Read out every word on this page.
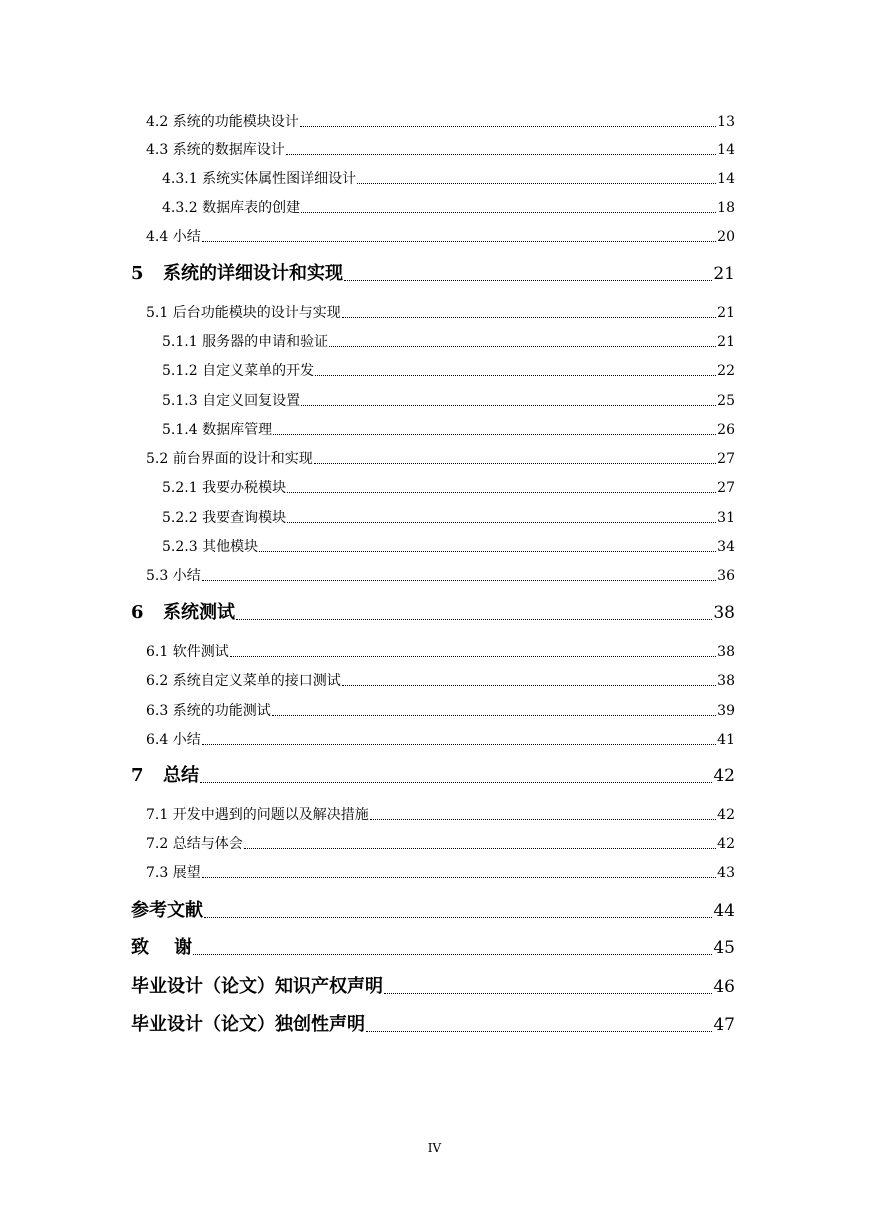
4.2 系统的功能模块设计	13
4.3 系统的数据库设计	14
4.3.1 系统实体属性图详细设计	14
4.3.2 数据库表的创建	18
4.4 小结	20
5 系统的详细设计和实现	21
5.1 后台功能模块的设计与实现	21
5.1.1 服务器的申请和验证	21
5.1.2 自定义菜单的开发	22
5.1.3 自定义回复设置	25
5.1.4 数据库管理	26
5.2 前台界面的设计和实现	27
5.2.1 我要办税模块	27
5.2.2 我要查询模块	31
5.2.3 其他模块	34
5.3 小结	36
6 系统测试	38
6.1 软件测试	38
6.2 系统自定义菜单的接口测试	38
6.3 系统的功能测试	39
6.4 小结	41
7 总结	42
7.1 开发中遇到的问题以及解决措施	42
7.2 总结与体会	42
7.3 展望	43
参考文献	44
致    谢	45
毕业设计（论文）知识产权声明	46
毕业设计（论文）独创性声明	47
IV
